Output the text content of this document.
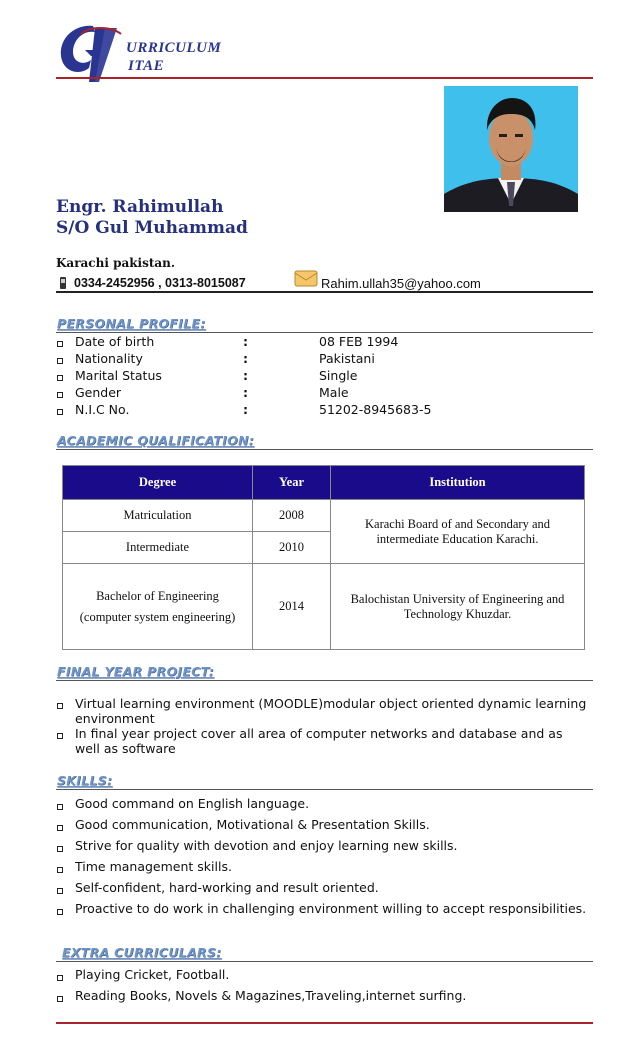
URRICULUM
ITAE
Engr. Rahimullah
S/O Gul Muhammad
Karachi pakistan.
0334-2452956 , 0313-8015087	Rahim.ullah35@yahoo.com
PERSONAL PROFILE:
Date of birth	:	08 FEB 1994
Nationality	:	Pakistani
Marital Status	:	Single
Gender	:	Male
N.I.C No.	:	51202-8945683-5
ACADEMIC QUALIFICATION:
Degree	Year	Institution
Matriculation	2008	Karachi Board of and Secondary and intermediate Education Karachi.
Intermediate	2010	

Bachelor of Engineering
(computer system engineering)	2014	Balochistan University of Engineering and Technology Khuzdar.
FINAL YEAR PROJECT:
Virtual learning environment (MOODLE)modular object oriented dynamic learning environment
In final year project cover all area of computer networks and database and as well as software
SKILLS:
Good command on English language.
Good communication, Motivational & Presentation Skills.
Strive for quality with devotion and enjoy learning new skills.
Time management skills.
Self-confident, hard-working and result oriented.
Proactive to do work in challenging environment willing to accept responsibilities.
EXTRA CURRICULARS:
Playing Cricket, Football.
Reading Books, Novels & Magazines,Traveling,internet surfing.
